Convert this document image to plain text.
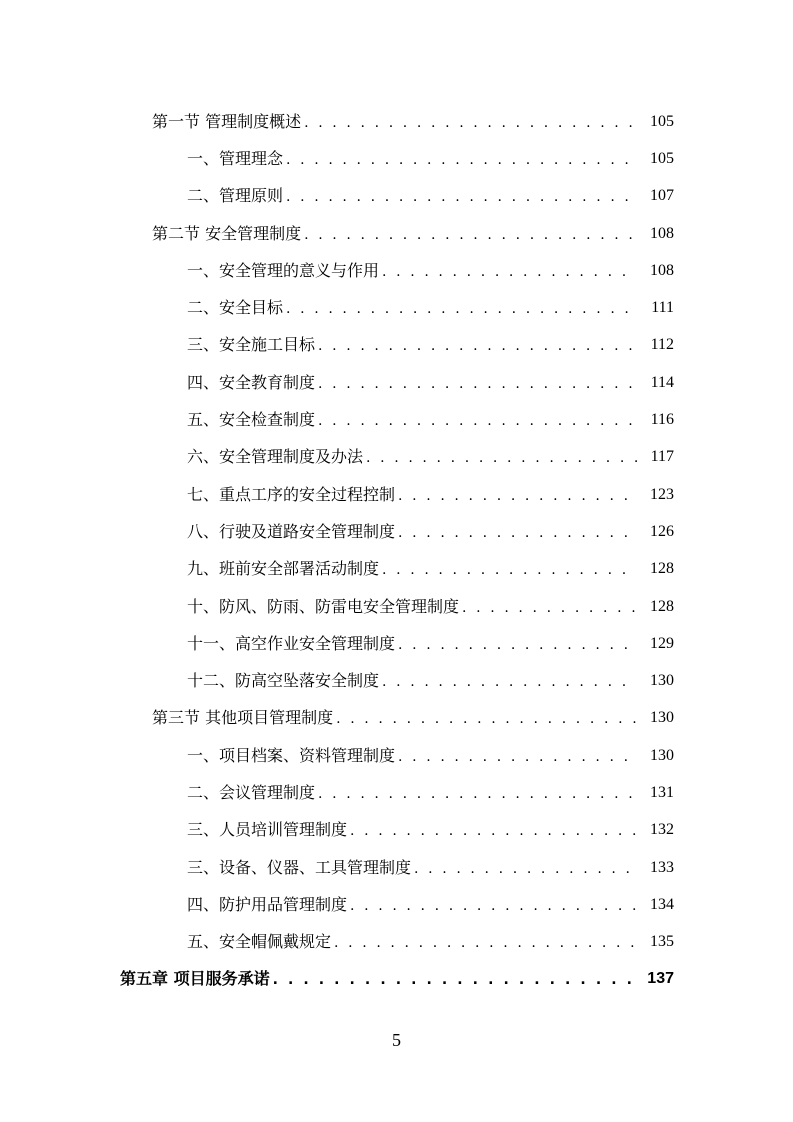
第一节 管理制度概述 . . .	105
一、管理理念 . . .	105
二、管理原则 . . .	107
第二节 安全管理制度 . . .	108
一、安全管理的意义与作用 . . .	108
二、安全目标 . . .	111
三、安全施工目标 . . .	112
四、安全教育制度 . . .	114
五、安全检查制度 . . .	116
六、安全管理制度及办法 . . .	117
七、重点工序的安全过程控制 . . .	123
八、行驶及道路安全管理制度 . . .	126
九、班前安全部署活动制度 . . .	128
十、防风、防雨、防雷电安全管理制度 . . .	128
十一、高空作业安全管理制度 . . .	129
十二、防高空坠落安全制度 . . .	130
第三节 其他项目管理制度 . . .	130
一、项目档案、资料管理制度 . . .	130
二、会议管理制度 . . .	131
三、人员培训管理制度 . . .	132
三、设备、仪器、工具管理制度 . . .	133
四、防护用品管理制度 . . .	134
五、安全帽佩戴规定 . . .	135
第五章 项目服务承诺 . . .	137
5
